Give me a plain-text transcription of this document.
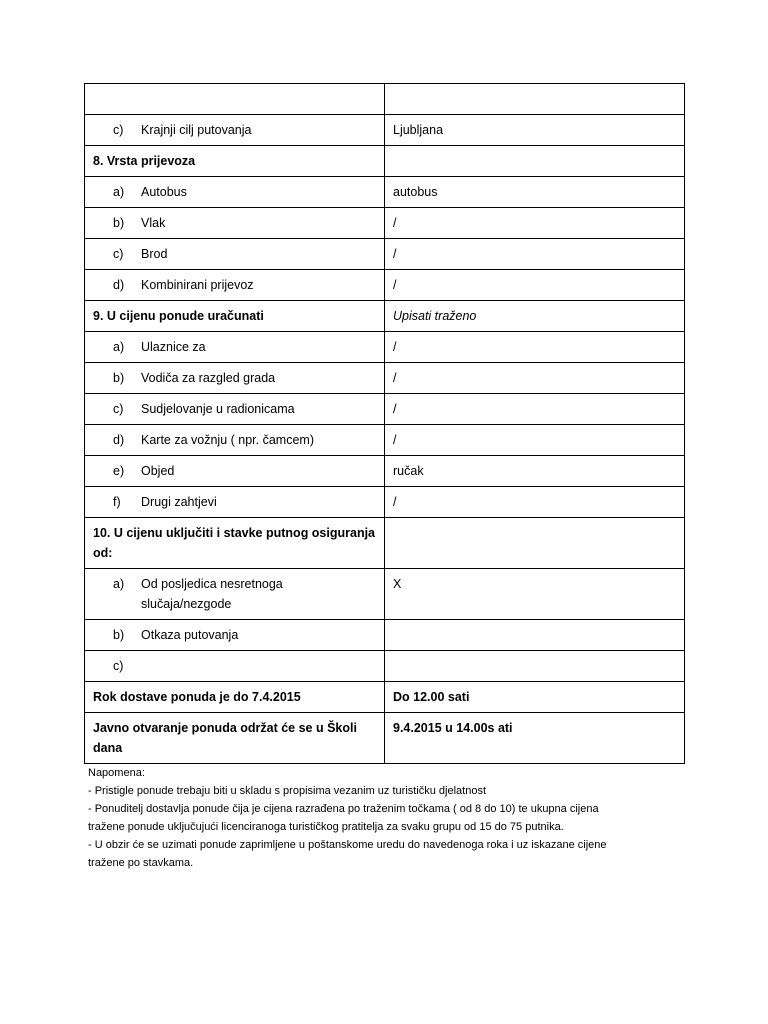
c) Krajnji cilj putovanja	Ljubljana
8. Vrsta prijevoza	
a) Autobus	autobus
b) Vlak	/
c) Brod	/
d) Kombinirani prijevoz	/
9. U cijenu ponude uračunati	Upisati traženo
a) Ulaznice za	/
b) Vodiča za razgled grada	/
c) Sudjelovanje u radionicama	/
d) Karte za vožnju ( npr. čamcem)	/
e) Objed	ručak
f) Drugi zahtjevi	/
10. U cijenu uključiti i stavke putnog osiguranja od:	
a) Od posljedica nesretnoga slučaja/nezgode	X
b) Otkaza putovanja	
c)	
Rok dostave ponuda je do 7.4.2015	Do 12.00 sati
Javno otvaranje ponuda održat će se u Školi dana	9.4.2015 u 14.00s ati
Napomena:
- Pristigle ponude trebaju biti u skladu s propisima vezanim uz turističku djelatnost
- Ponuditelj dostavlja ponude čija je cijena razrađena po traženim točkama ( od 8 do 10) te ukupna cijena
tražene ponude uključujući licenciranoga turističkog pratitelja za svaku grupu od 15 do 75 putnika.
- U obzir će se uzimati ponude zaprimljene u poštanskome uredu do navedenoga roka i uz iskazane cijene
tražene po stavkama.
